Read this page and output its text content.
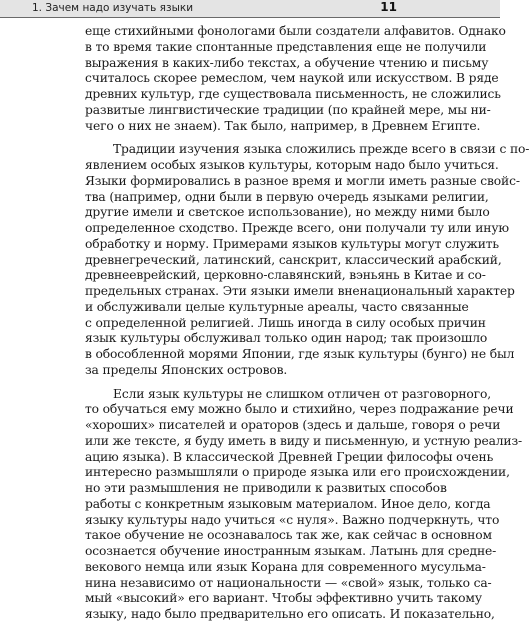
1. Зачем надо изучать языки	11

еще стихийными фонологами были создатели алфавитов. Однако
в то время такие спонтанные представления еще не получили
выражения в каких-либо текстах, а обучение чтению и письму
считалось скорее ремеслом, чем наукой или искусством. В ряде
древних культур, где существовала письменность, не сложились
развитые лингвистические традиции (по крайней мере, мы ни-
чего о них не знаем). Так было, например, в Древнем Египте.

Традиции изучения языка сложились прежде всего в связи с по-
явлением особых языков культуры, которым надо было учиться.
Языки формировались в разное время и могли иметь разные свойс-
тва (например, одни были в первую очередь языками религии,
другие имели и светское использование), но между ними было
определенное сходство. Прежде всего, они получали ту или иную
обработку и норму. Примерами языков культуры могут служить
древнегреческий, латинский, санскрит, классический арабский,
древнееврейский, церковно-славянский, вэньянь в Китае и со-
предельных странах. Эти языки имели вненациональный характер
и обслуживали целые культурные ареалы, часто связанные
с определенной религией. Лишь иногда в силу особых причин
язык культуры обслуживал только один народ; так произошло
в обособленной морями Японии, где язык культуры (бунго) не был
за пределы Японских островов.

Если язык культуры не слишком отличен от разговорного,
то обучаться ему можно было и стихийно, через подражание речи
«хороших» писателей и ораторов (здесь и дальше, говоря о речи
или же тексте, я буду иметь в виду и письменную, и устную реализ-
ацию языка). В классической Древней Греции философы очень
интересно размышляли о природе языка или его происхождении,
но эти размышления не приводили к развитых способов
работы с конкретным языковым материалом. Иное дело, когда
языку культуры надо учиться «с нуля». Важно подчеркнуть, что
такое обучение не осознавалось так же, как сейчас в основном
осознается обучение иностранным языкам. Латынь для средне-
векового немца или язык Корана для современного мусульма-
нина независимо от национальности — «свой» язык, только са-
мый «высокий» его вариант. Чтобы эффективно учить такому
языку, надо было предварительно его описать. И показательно,
